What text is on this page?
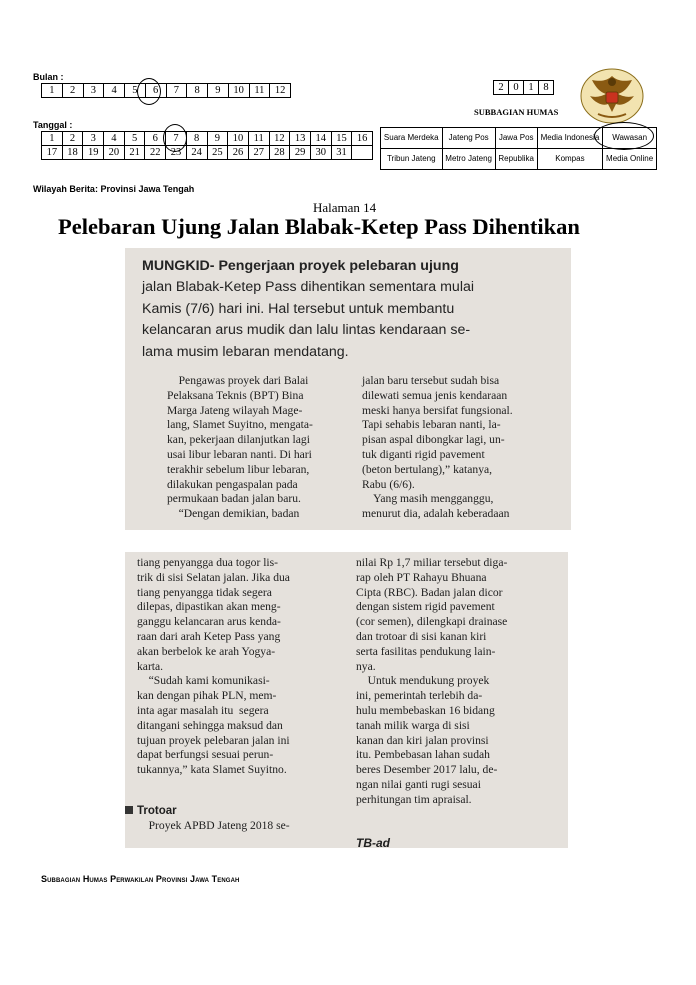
Bulan :
1	2	3	4	5	6	7	8	9	10	11	12
Tanggal :
1	2	3	4	5	6	7	8	9	10	11	12	13	14	15	16
17	18	19	20	21	22	23	24	25	26	27	28	29	30	31	
Wilayah Berita: Provinsi Jawa Tengah
2	0	1	8
SUBBAGIAN HUMAS
Suara Merdeka	Jateng Pos	Jawa Pos	Media Indonesia	Wawasan
Tribun Jateng	Metro Jateng	Republika	Kompas	Media Online
Halaman 14
Pelebaran Ujung Jalan Blabak-Ketep Pass Dihentikan
MUNGKID- Pengerjaan proyek pelebaran ujung
jalan Blabak-Ketep Pass dihentikan sementara mulai
Kamis (7/6) hari ini. Hal tersebut untuk membantu
kelancaran arus mudik dan lalu lintas kendaraan se-
lama musim lebaran mendatang.
Pengawas proyek dari Balai
Pelaksana Teknis (BPT) Bina
Marga Jateng wilayah Mage-
lang, Slamet Suyitno, mengata-
kan, pekerjaan dilanjutkan lagi
usai libur lebaran nanti. Di hari
terakhir sebelum libur lebaran,
dilakukan pengaspalan pada
permukaan badan jalan baru.
“Dengan demikian, badan
jalan baru tersebut sudah bisa
dilewati semua jenis kendaraan
meski hanya bersifat fungsional.
Tapi sehabis lebaran nanti, la-
pisan aspal dibongkar lagi, un-
tuk diganti rigid pavement
(beton bertulang),” katanya,
Rabu (6/6).
Yang masih mengganggu,
menurut dia, adalah keberadaan
tiang penyangga dua togor lis-
trik di sisi Selatan jalan. Jika dua
tiang penyangga tidak segera
dilepas, dipastikan akan meng-
ganggu kelancaran arus kenda-
raan dari arah Ketep Pass yang
akan berbelok ke arah Yogya-
karta.
“Sudah kami komunikasi-
kan dengan pihak PLN, mem-
inta agar masalah itu  segera
ditangani sehingga maksud dan
tujuan proyek pelebaran jalan ini
dapat berfungsi sesuai perun-
tukannya,” kata Slamet Suyitno.
Trotoar
Proyek APBD Jateng 2018 se-
nilai Rp 1,7 miliar tersebut diga-
rap oleh PT Rahayu Bhuana
Cipta (RBC). Badan jalan dicor
dengan sistem rigid pavement
(cor semen), dilengkapi drainase
dan trotoar di sisi kanan kiri
serta fasilitas pendukung lain-
nya.
Untuk mendukung proyek
ini, pemerintah terlebih da-
hulu membebaskan 16 bidang
tanah milik warga di sisi
kanan dan kiri jalan provinsi
itu. Pembebasan lahan sudah
beres Desember 2017 lalu, de-
ngan nilai ganti rugi sesuai
perhitungan tim apraisal.
TB-ad
Subbagian Humas Perwakilan Provinsi Jawa Tengah
